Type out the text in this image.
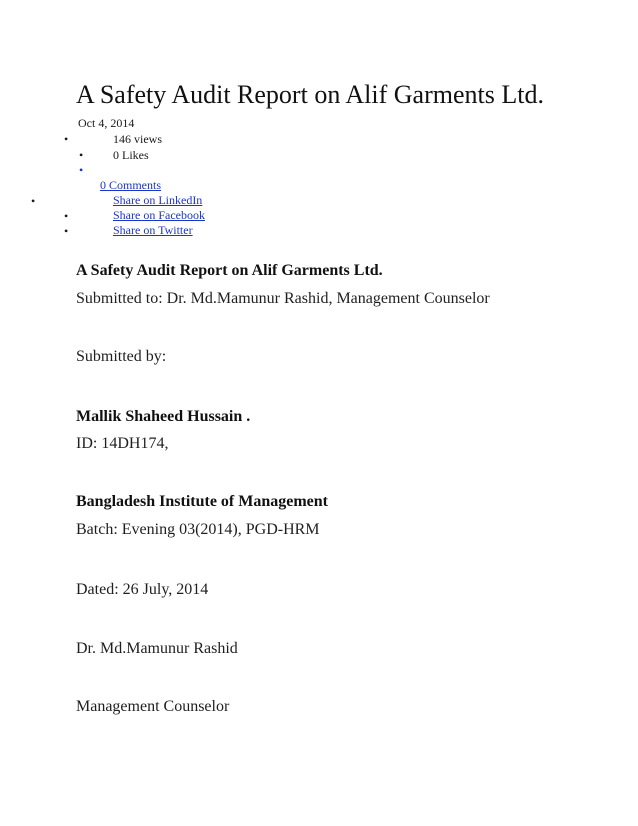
A Safety Audit Report on Alif Garments Ltd.
Oct 4, 2014
•	146 views
• 0 Likes
•
0 Comments
•	Share on LinkedIn
•	Share on Facebook
•	Share on Twitter
A Safety Audit Report on Alif Garments Ltd.
Submitted to: Dr. Md.Mamunur Rashid, Management Counselor
Submitted by:
Mallik Shaheed Hussain .
ID: 14DH174,
Bangladesh Institute of Management
Batch: Evening 03(2014), PGD-HRM
Dated: 26 July, 2014
Dr. Md.Mamunur Rashid
Management Counselor
